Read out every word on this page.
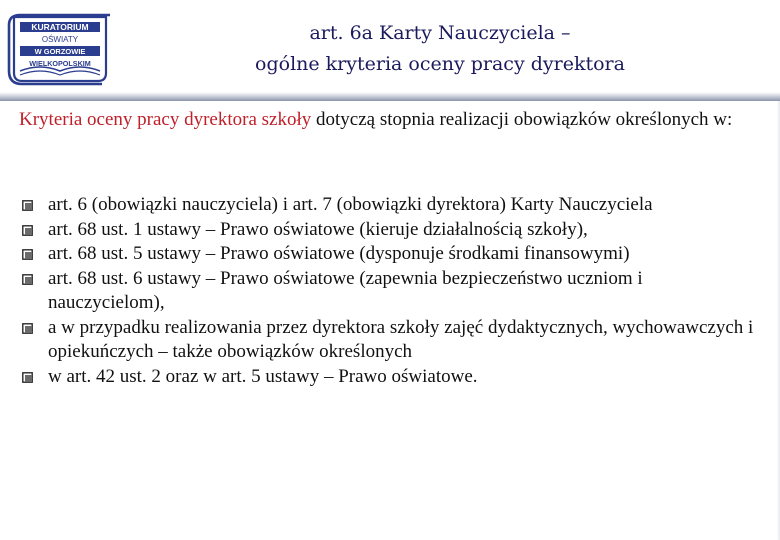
KURATORIUM
OŚWIATY
W GORZOWIE
WIELKOPOLSKIM
art. 6a Karty Nauczyciela –
ogólne kryteria oceny pracy dyrektora
Kryteria oceny pracy dyrektora szkoły dotyczą stopnia realizacji obowiązków określonych w:
art. 6 (obowiązki nauczyciela) i art. 7 (obowiązki dyrektora) Karty Nauczyciela
art. 68 ust. 1 ustawy – Prawo oświatowe (kieruje działalnością szkoły),
art. 68 ust. 5 ustawy – Prawo oświatowe (dysponuje środkami finansowymi)
art. 68 ust. 6 ustawy – Prawo oświatowe (zapewnia bezpieczeństwo uczniom i nauczycielom),
a w przypadku realizowania przez dyrektora szkoły zajęć dydaktycznych, wychowawczych i opiekuńczych – także obowiązków określonych
w art. 42 ust. 2 oraz w art. 5 ustawy – Prawo oświatowe.
